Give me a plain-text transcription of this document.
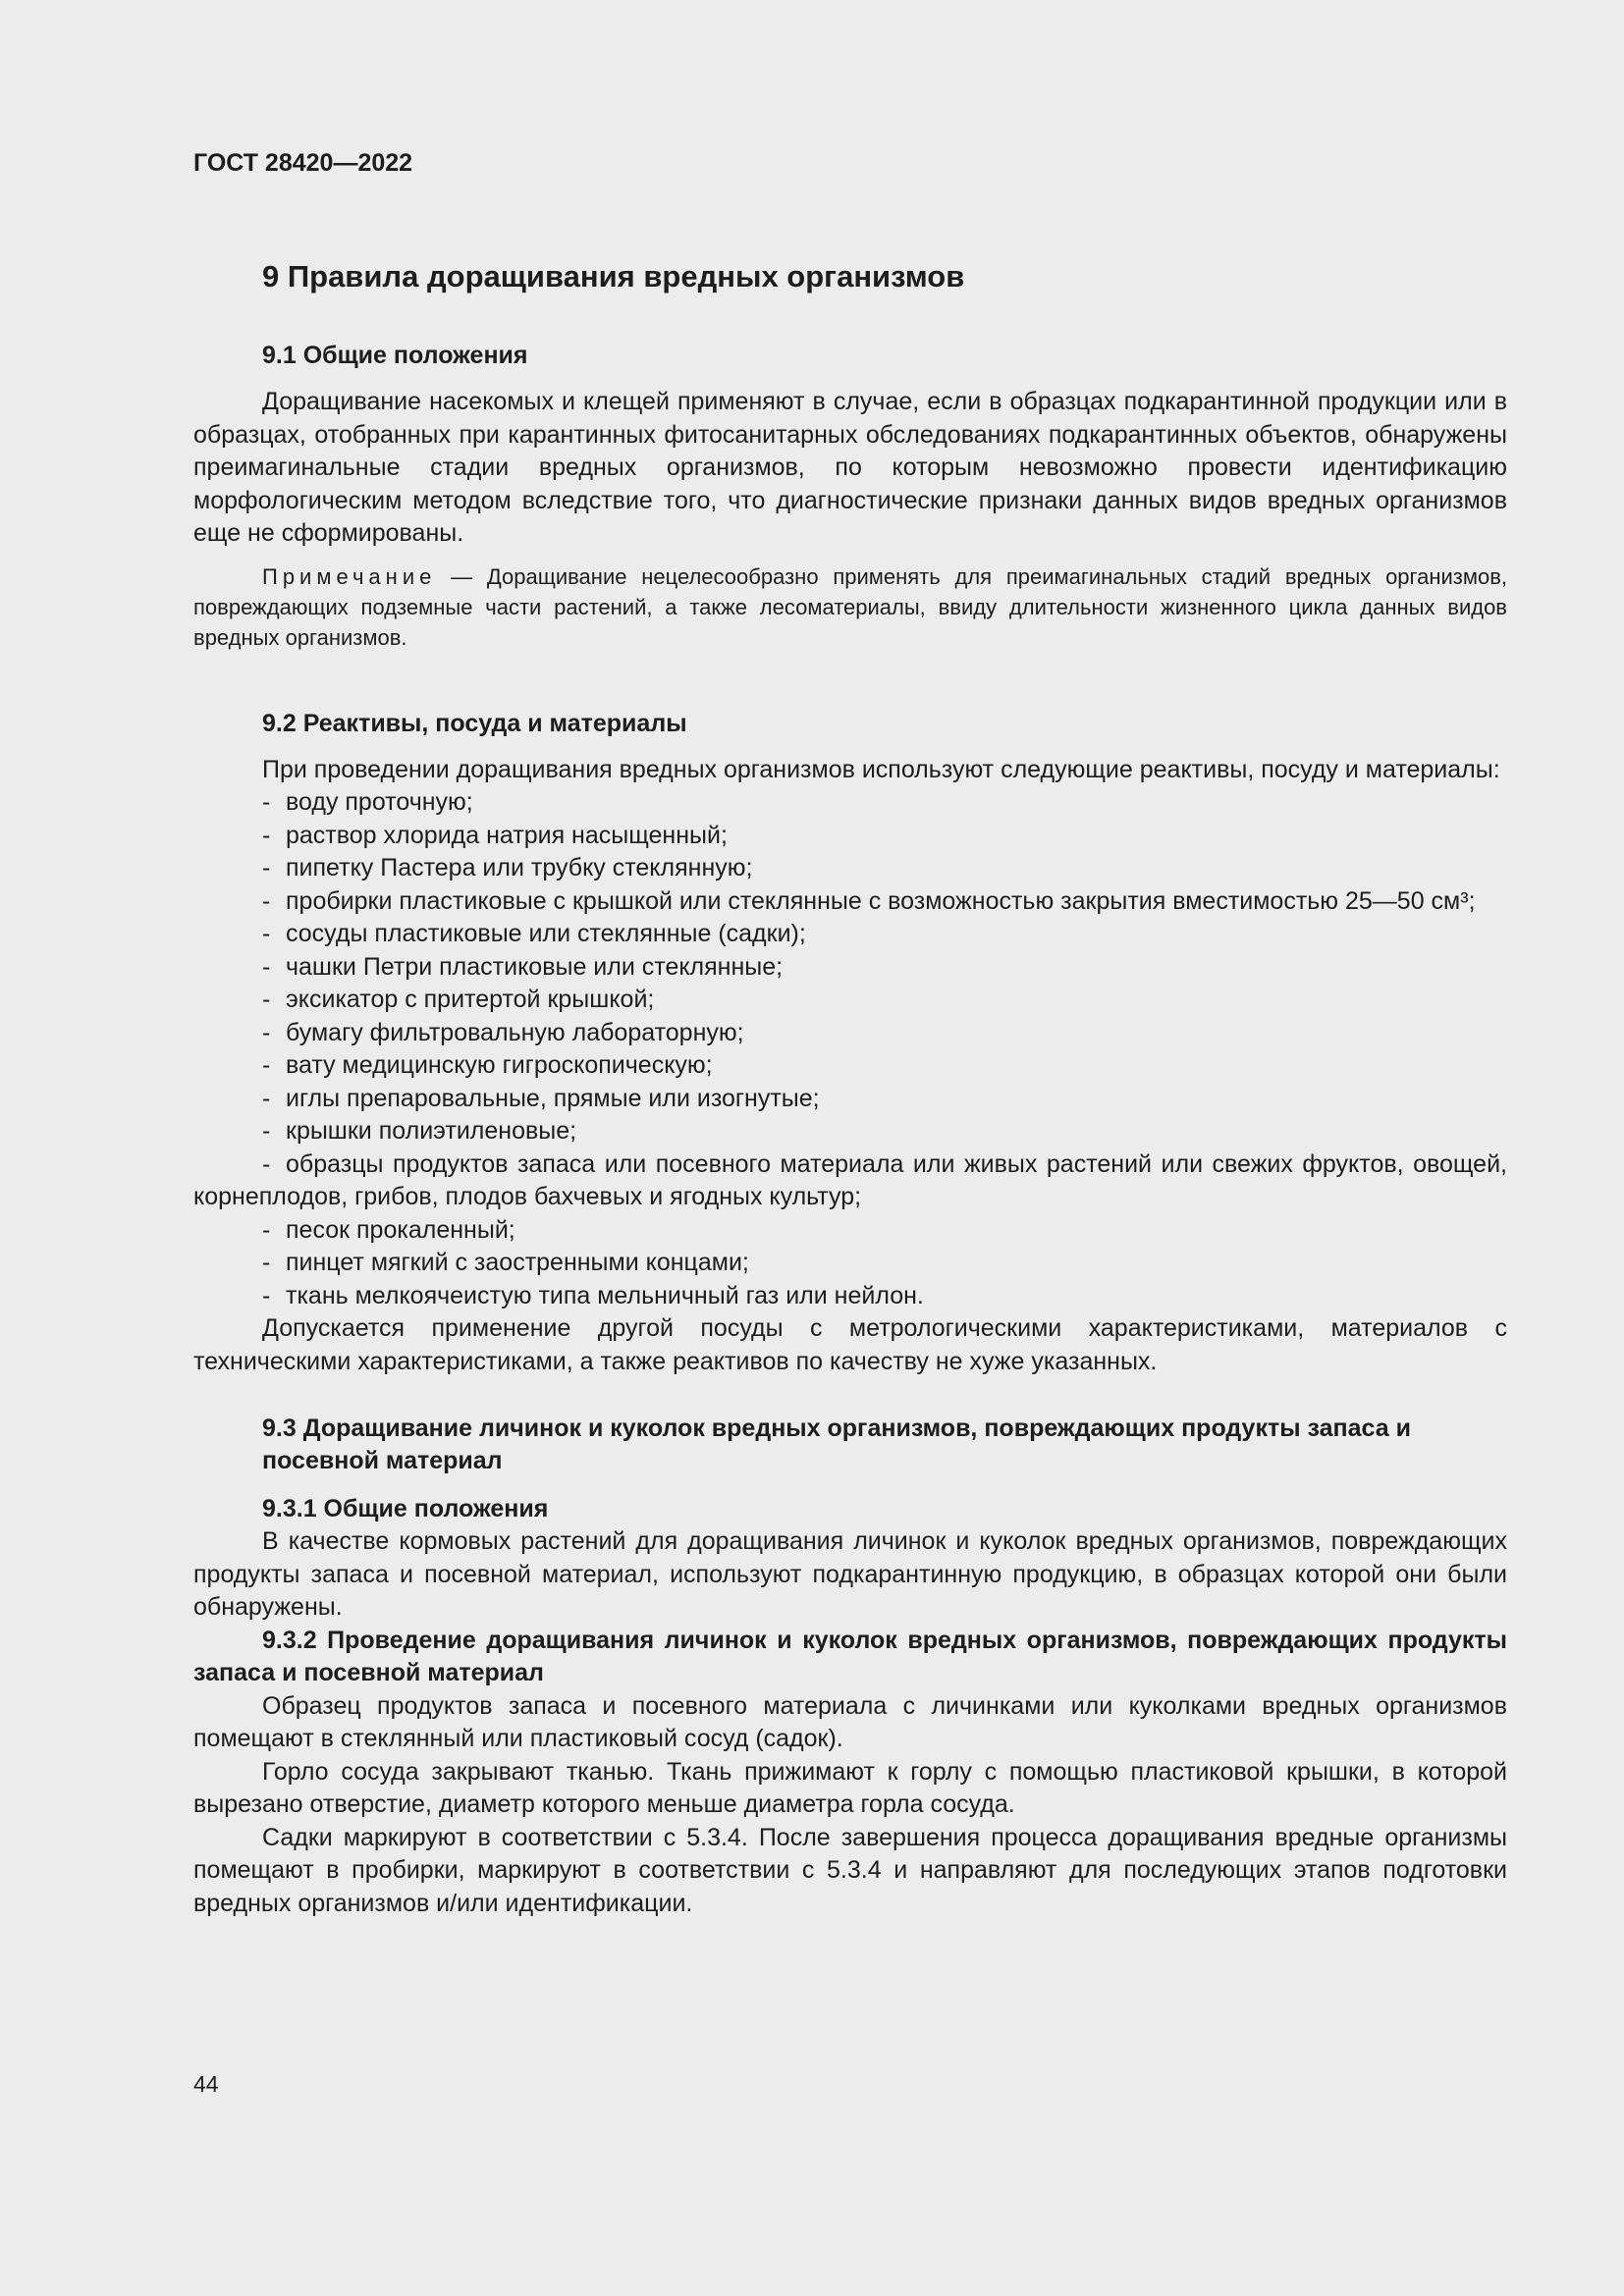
ГОСТ 28420—2022
9 Правила доращивания вредных организмов
9.1 Общие положения

Доращивание насекомых и клещей применяют в случае, если в образцах подкарантинной продукции или в образцах, отобранных при карантинных фитосанитарных обследованиях подкарантинных объектов, обнаружены преимагинальные стадии вредных организмов, по которым невозможно провести идентификацию морфологическим методом вследствие того, что диагностические признаки данных видов вредных организмов еще не сформированы.

Примечание — Доращивание нецелесообразно применять для преимагинальных стадий вредных организмов, повреждающих подземные части растений, а также лесоматериалы, ввиду длительности жизненного цикла данных видов вредных организмов.

9.2 Реактивы, посуда и материалы

При проведении доращивания вредных организмов используют следующие реактивы, посуду и материалы:

- воду проточную;
- раствор хлорида натрия насыщенный;
- пипетку Пастера или трубку стеклянную;
- пробирки пластиковые с крышкой или стеклянные с возможностью закрытия вместимостью 25—50 см³;
- сосуды пластиковые или стеклянные (садки);
- чашки Петри пластиковые или стеклянные;
- эксикатор с притертой крышкой;
- бумагу фильтровальную лабораторную;
- вату медицинскую гигроскопическую;
- иглы препаровальные, прямые или изогнутые;
- крышки полиэтиленовые;
- образцы продуктов запаса или посевного материала или живых растений или свежих фруктов, овощей, корнеплодов, грибов, плодов бахчевых и ягодных культур;
- песок прокаленный;
- пинцет мягкий с заостренными концами;
- ткань мелкоячеистую типа мельничный газ или нейлон.

Допускается применение другой посуды с метрологическими характеристиками, материалов с техническими характеристиками, а также реактивов по качеству не хуже указанных.

9.3 Доращивание личинок и куколок вредных организмов, повреждающих продукты запаса и посевной материал
9.3.1 Общие положения

В качестве кормовых растений для доращивания личинок и куколок вредных организмов, повреждающих продукты запаса и посевной материал, используют подкарантинную продукцию, в образцах которой они были обнаружены.

9.3.2 Проведение доращивания личинок и куколок вредных организмов, повреждающих продукты запаса и посевной материал

Образец продуктов запаса и посевного материала с личинками или куколками вредных организмов помещают в стеклянный или пластиковый сосуд (садок).

Горло сосуда закрывают тканью. Ткань прижимают к горлу с помощью пластиковой крышки, в которой вырезано отверстие, диаметр которого меньше диаметра горла сосуда.

Садки маркируют в соответствии с 5.3.4. После завершения процесса доращивания вредные организмы помещают в пробирки, маркируют в соответствии с 5.3.4 и направляют для последующих этапов подготовки вредных организмов и/или идентификации.

44
